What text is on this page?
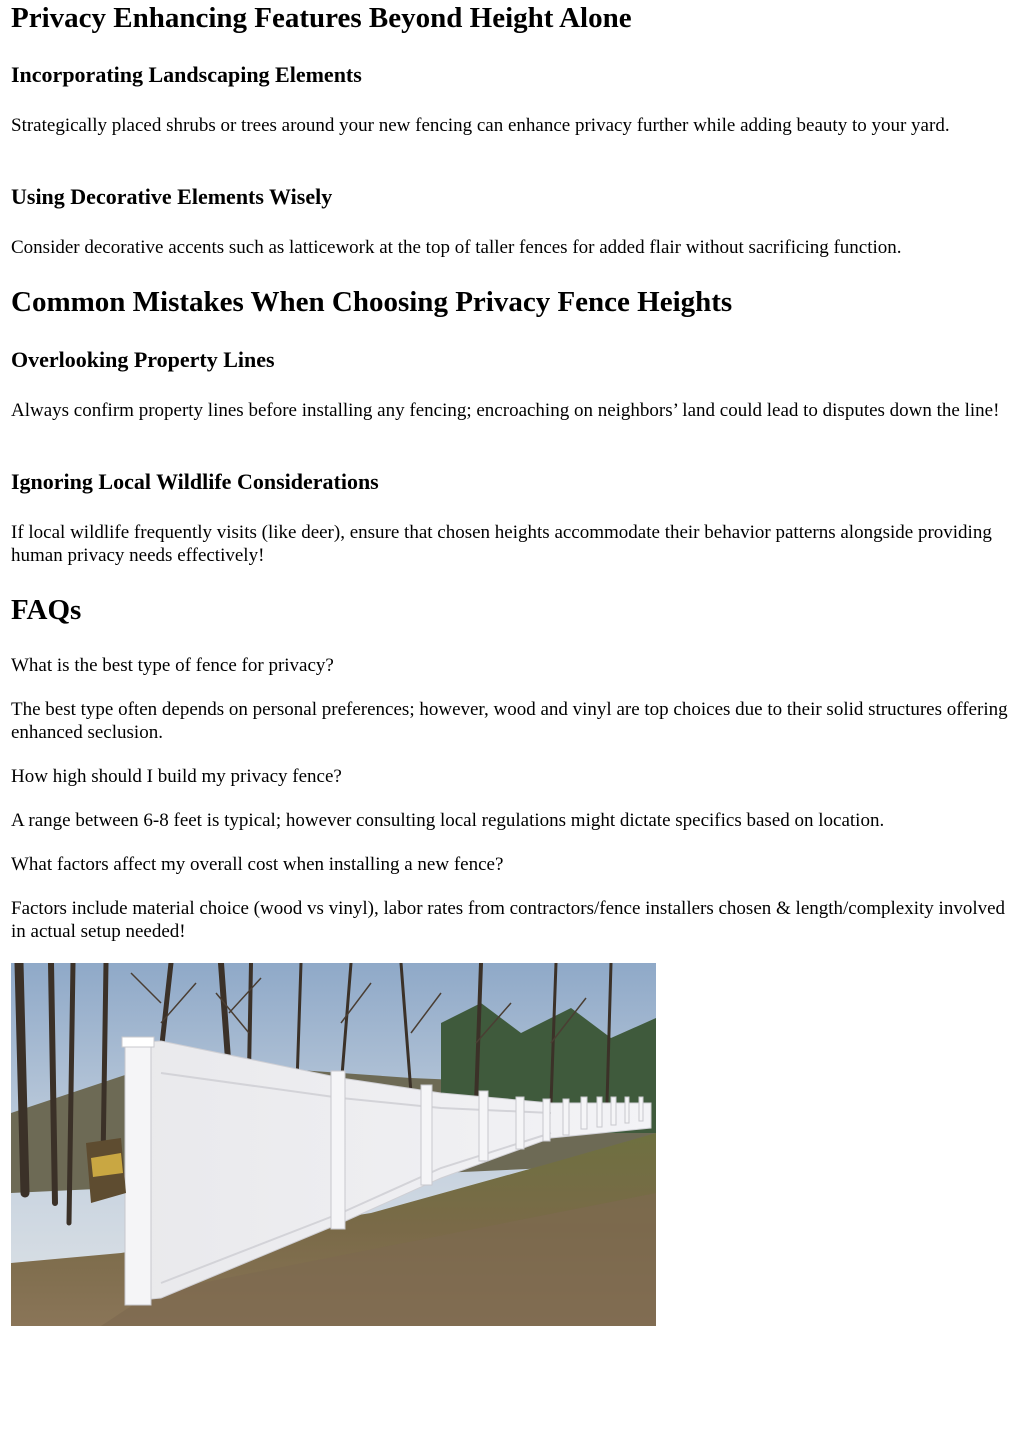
Privacy Enhancing Features Beyond Height Alone
Incorporating Landscaping Elements

Strategically placed shrubs or trees around your new fencing can enhance privacy further while adding beauty to your yard.

Using Decorative Elements Wisely

Consider decorative accents such as latticework at the top of taller fences for added flair without sacrificing function.

Common Mistakes When Choosing Privacy Fence Heights
Overlooking Property Lines

Always confirm property lines before installing any fencing; encroaching on neighbors’ land could lead to disputes down the line!

Ignoring Local Wildlife Considerations

If local wildlife frequently visits (like deer), ensure that chosen heights accommodate their behavior patterns alongside providing human privacy needs effectively!

FAQs

What is the best type of fence for privacy?

The best type often depends on personal preferences; however, wood and vinyl are top choices due to their solid structures offering enhanced seclusion.

How high should I build my privacy fence?

A range between 6-8 feet is typical; however consulting local regulations might dictate specifics based on location.

What factors affect my overall cost when installing a new fence?

Factors include material choice (wood vs vinyl), labor rates from contractors/fence installers chosen & length/complexity involved in actual setup needed!
